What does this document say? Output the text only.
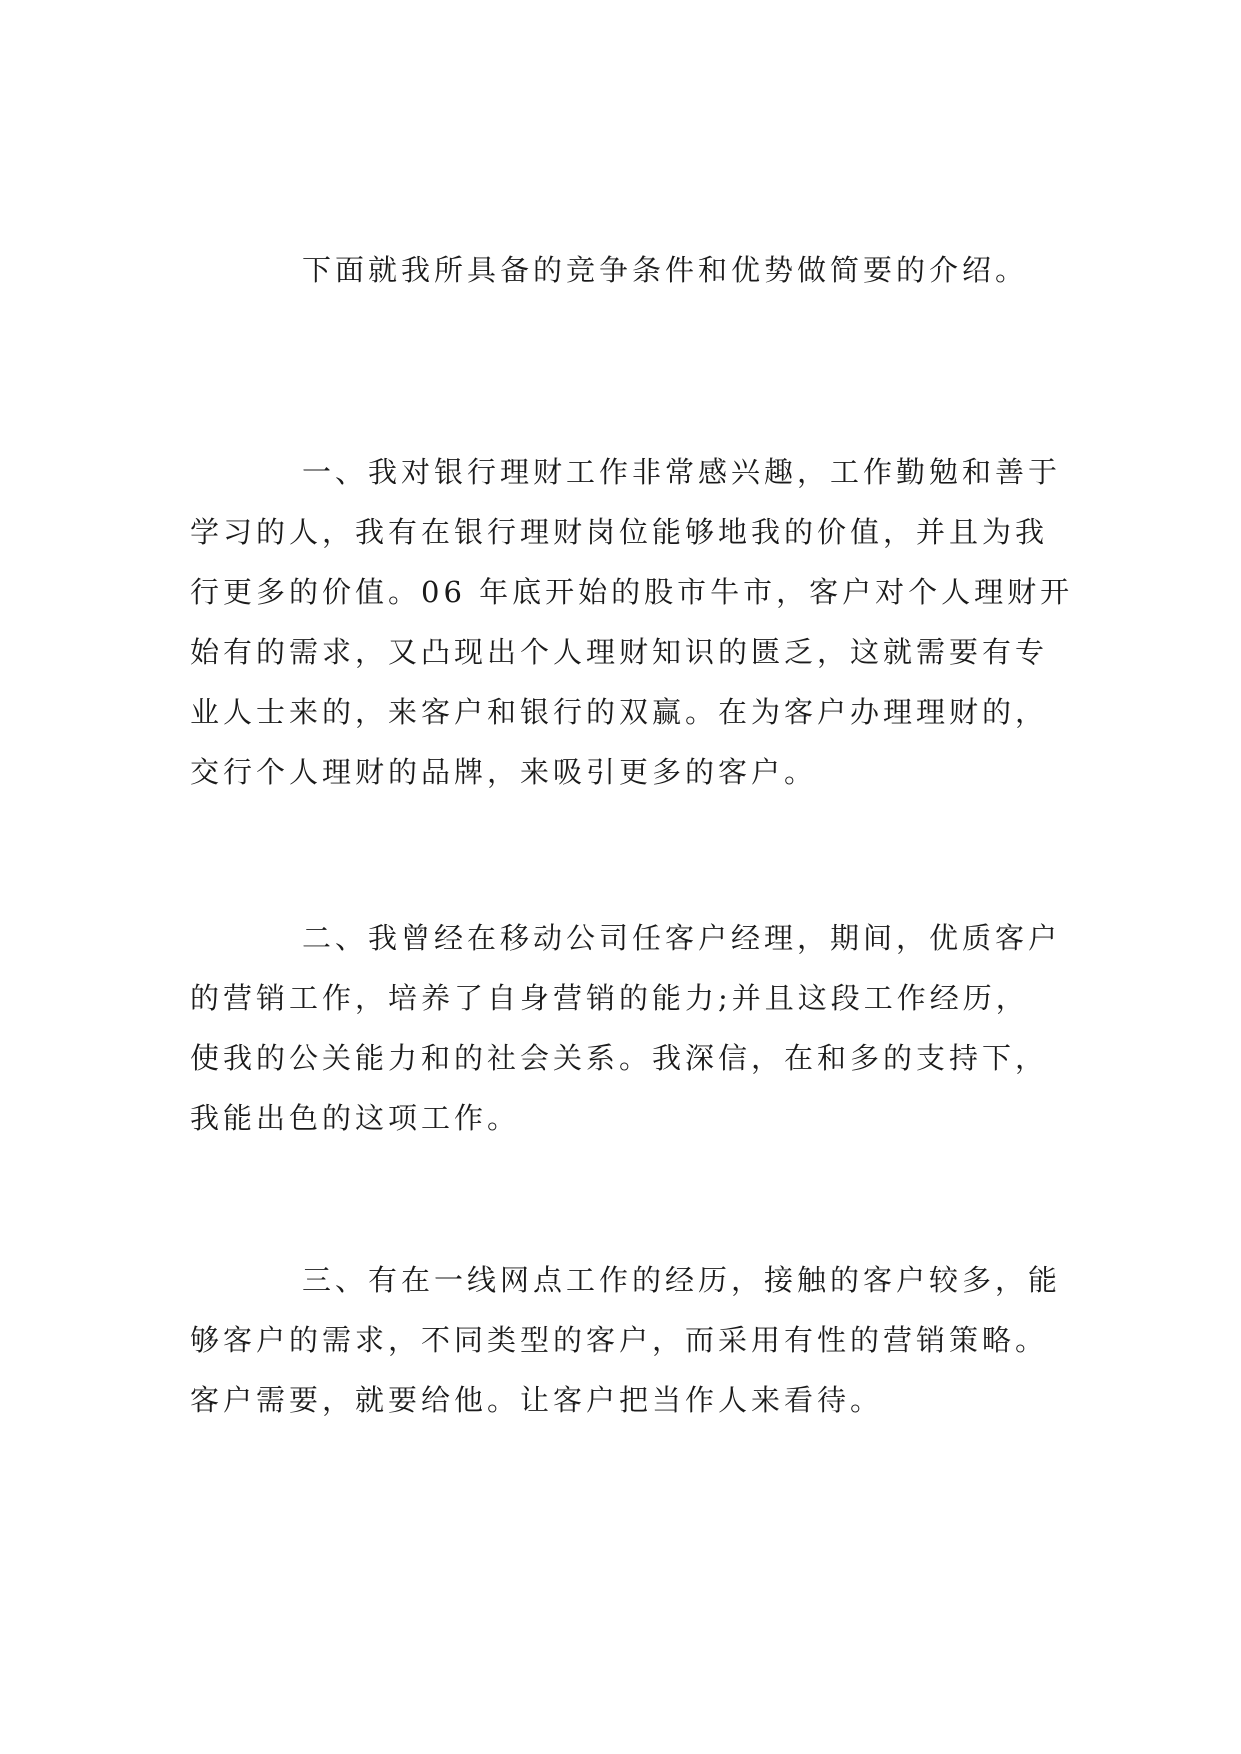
下面就我所具备的竞争条件和优势做简要的介绍。

一、我对银行理财工作非常感兴趣，工作勤勉和善于
学习的人，我有在银行理财岗位能够地我的价值，并且为我
行更多的价值。06 年底开始的股市牛市，客户对个人理财开
始有的需求，又凸现出个人理财知识的匮乏，这就需要有专
业人士来的，来客户和银行的双赢。在为客户办理理财的，
交行个人理财的品牌，来吸引更多的客户。

二、我曾经在移动公司任客户经理，期间，优质客户
的营销工作，培养了自身营销的能力;并且这段工作经历，
使我的公关能力和的社会关系。我深信，在和多的支持下，
我能出色的这项工作。

三、有在一线网点工作的经历，接触的客户较多，能
够客户的需求，不同类型的客户，而采用有性的营销策略。
客户需要，就要给他。让客户把当作人来看待。
